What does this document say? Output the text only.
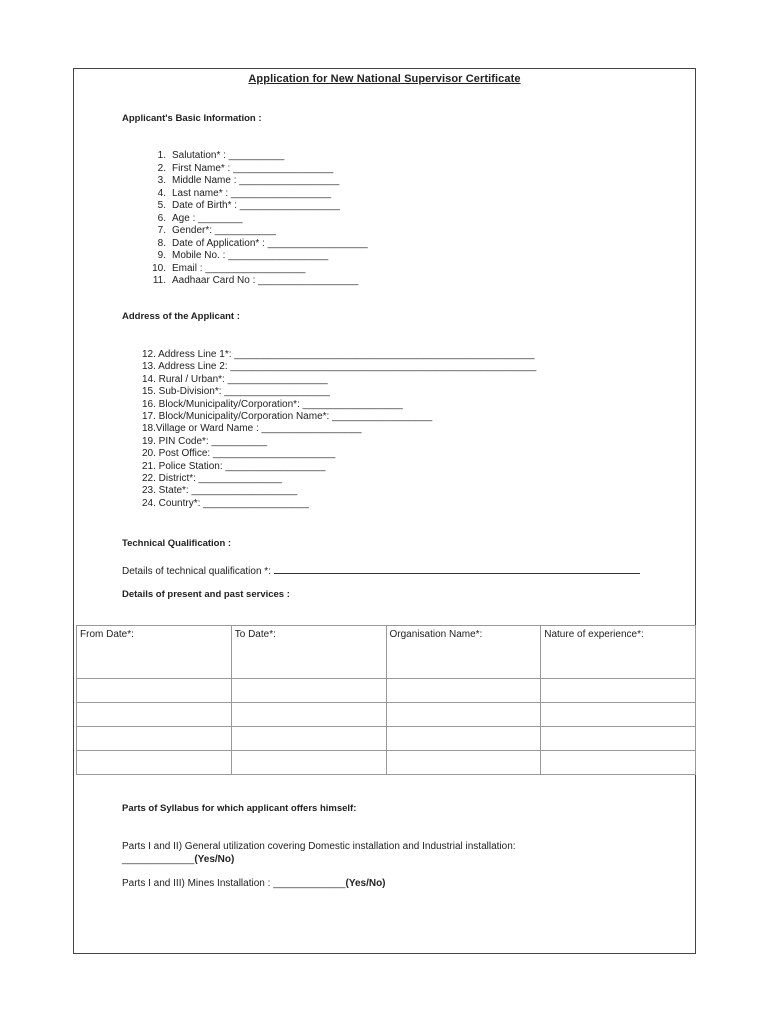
Application for New National Supervisor Certificate
Applicant's Basic Information :
1. Salutation* : __________
2. First Name* : __________________
3. Middle Name : __________________
4. Last name* : __________________
5. Date of Birth* : __________________
6. Age : ________
7. Gender*: ___________
8. Date of Application* : __________________
9. Mobile No. : __________________
10. Email : __________________
11. Aadhaar Card No : __________________
Address of the Applicant :
12. Address Line 1*: ______________________________________________________
13. Address Line 2: _______________________________________________________
14. Rural / Urban*: __________________
15. Sub-Division*: ___________________
16. Block/Municipality/Corporation*: __________________
17. Block/Municipality/Corporation Name*: __________________
18.Village or Ward Name : __________________
19. PIN Code*: __________
20. Post Office: ______________________
21. Police Station: __________________
22. District*: _______________
23. State*: ___________________
24. Country*: ___________________
Technical Qualification :
Details of technical qualification *:
Details of present and past services :
From Date*:	To Date*:	Organisation Name*:	Nature of experience*:

Parts of Syllabus for which applicant offers himself:
Parts I and II) General utilization covering Domestic installation and Industrial installation:
_____________(Yes/No)
Parts I and III) Mines Installation : _____________(Yes/No)
